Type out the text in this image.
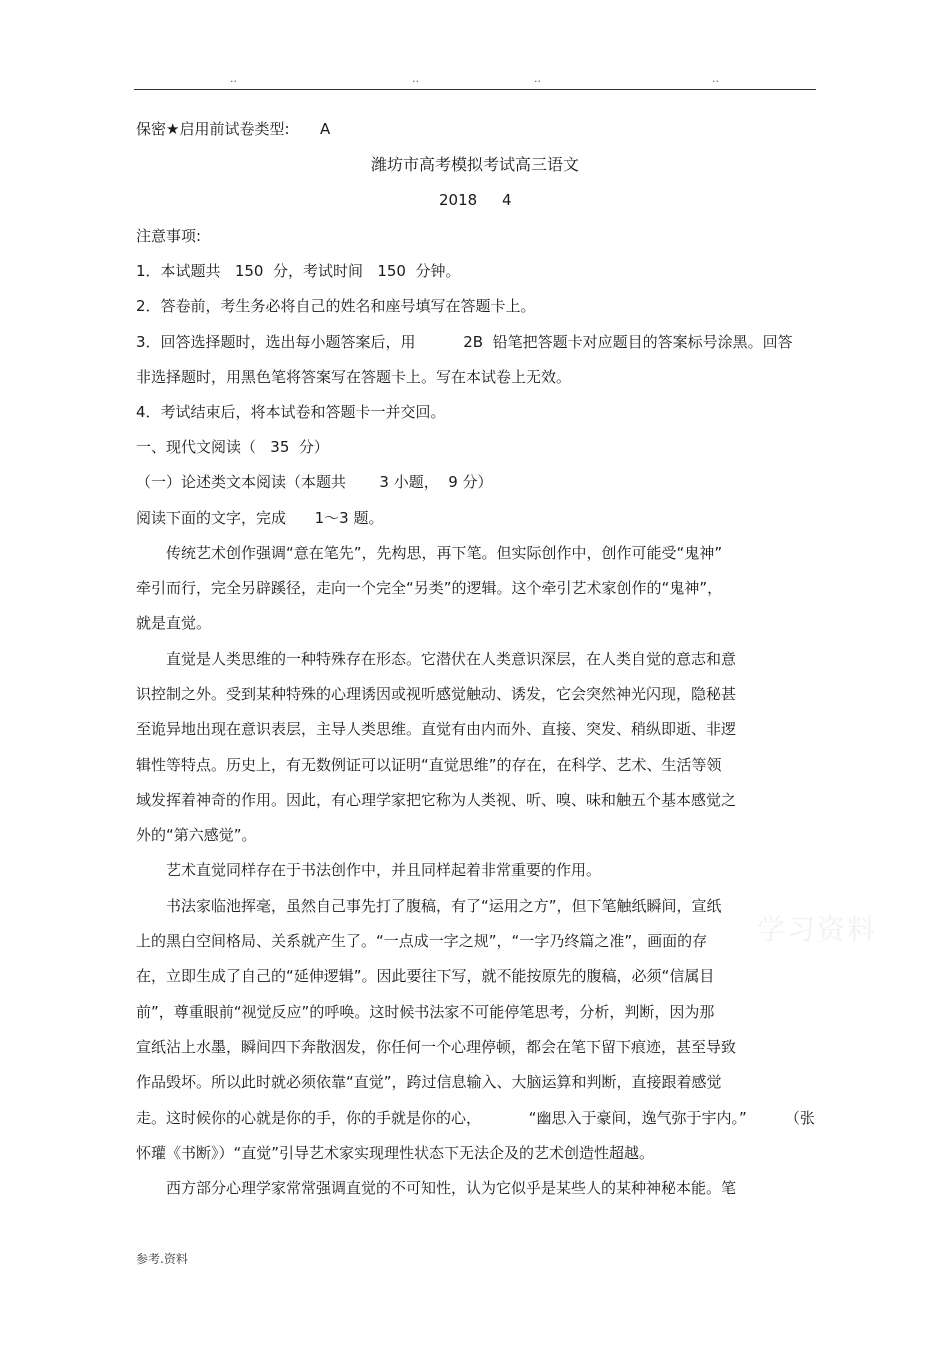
..	..	..	..
保密★启用前试卷类型: A
潍坊市高考模拟考试高三语文
2018 4
注意事项:
1．本试题共   150  分，考试时间   150  分钟。
2．答卷前，考生务必将自己的姓名和座号填写在答题卡上。
3．回答选择题时，选出每小题答案后，用          2B  铅笔把答题卡对应题目的答案标号涂黑。回答
非选择题时，用黑色笔将答案写在答题卡上。写在本试卷上无效。
4．考试结束后，将本试卷和答题卡一并交回。
一、现代文阅读（   35  分）
（一）论述类文本阅读（本题共       3 小题，  9 分）
阅读下面的文字，完成      1～3 题。
传统艺术创作强调“意在笔先”，先构思，再下笔。但实际创作中，创作可能受“鬼神”
牵引而行，完全另辟蹊径，走向一个完全“另类”的逻辑。这个牵引艺术家创作的“鬼神”，
就是直觉。
直觉是人类思维的一种特殊存在形态。它潜伏在人类意识深层，在人类自觉的意志和意
识控制之外。受到某种特殊的心理诱因或视听感觉触动、诱发，它会突然神光闪现，隐秘甚
至诡异地出现在意识表层，主导人类思维。直觉有由内而外、直接、突发、稍纵即逝、非逻
辑性等特点。历史上，有无数例证可以证明“直觉思维”的存在，在科学、艺术、生活等领
域发挥着神奇的作用。因此，有心理学家把它称为人类视、听、嗅、味和触五个基本感觉之
外的“第六感觉”。
艺术直觉同样存在于书法创作中，并且同样起着非常重要的作用。
书法家临池挥毫，虽然自己事先打了腹稿，有了“运用之方”，但下笔触纸瞬间，宣纸
上的黑白空间格局、关系就产生了。“一点成一字之规”，“一字乃终篇之准”，画面的存
在，立即生成了自己的“延伸逻辑”。因此要往下写，就不能按原先的腹稿，必须“信属目
前”，尊重眼前“视觉反应”的呼唤。这时候书法家不可能停笔思考，分析，判断，因为那
宣纸沾上水墨，瞬间四下奔散洇发，你任何一个心理停顿，都会在笔下留下痕迹，甚至导致
作品毁坏。所以此时就必须依靠“直觉”，跨过信息输入、大脑运算和判断，直接跟着感觉
走。这时候你的心就是你的手，你的手就是你的心，          “幽思入于豪间，逸气弥于宇内。”        （张
怀瓘《书断》）“直觉”引导艺术家实现理性状态下无法企及的艺术创造性超越。
西方部分心理学家常常强调直觉的不可知性，认为它似乎是某些人的某种神秘本能。笔
学习资料
参考.资料
